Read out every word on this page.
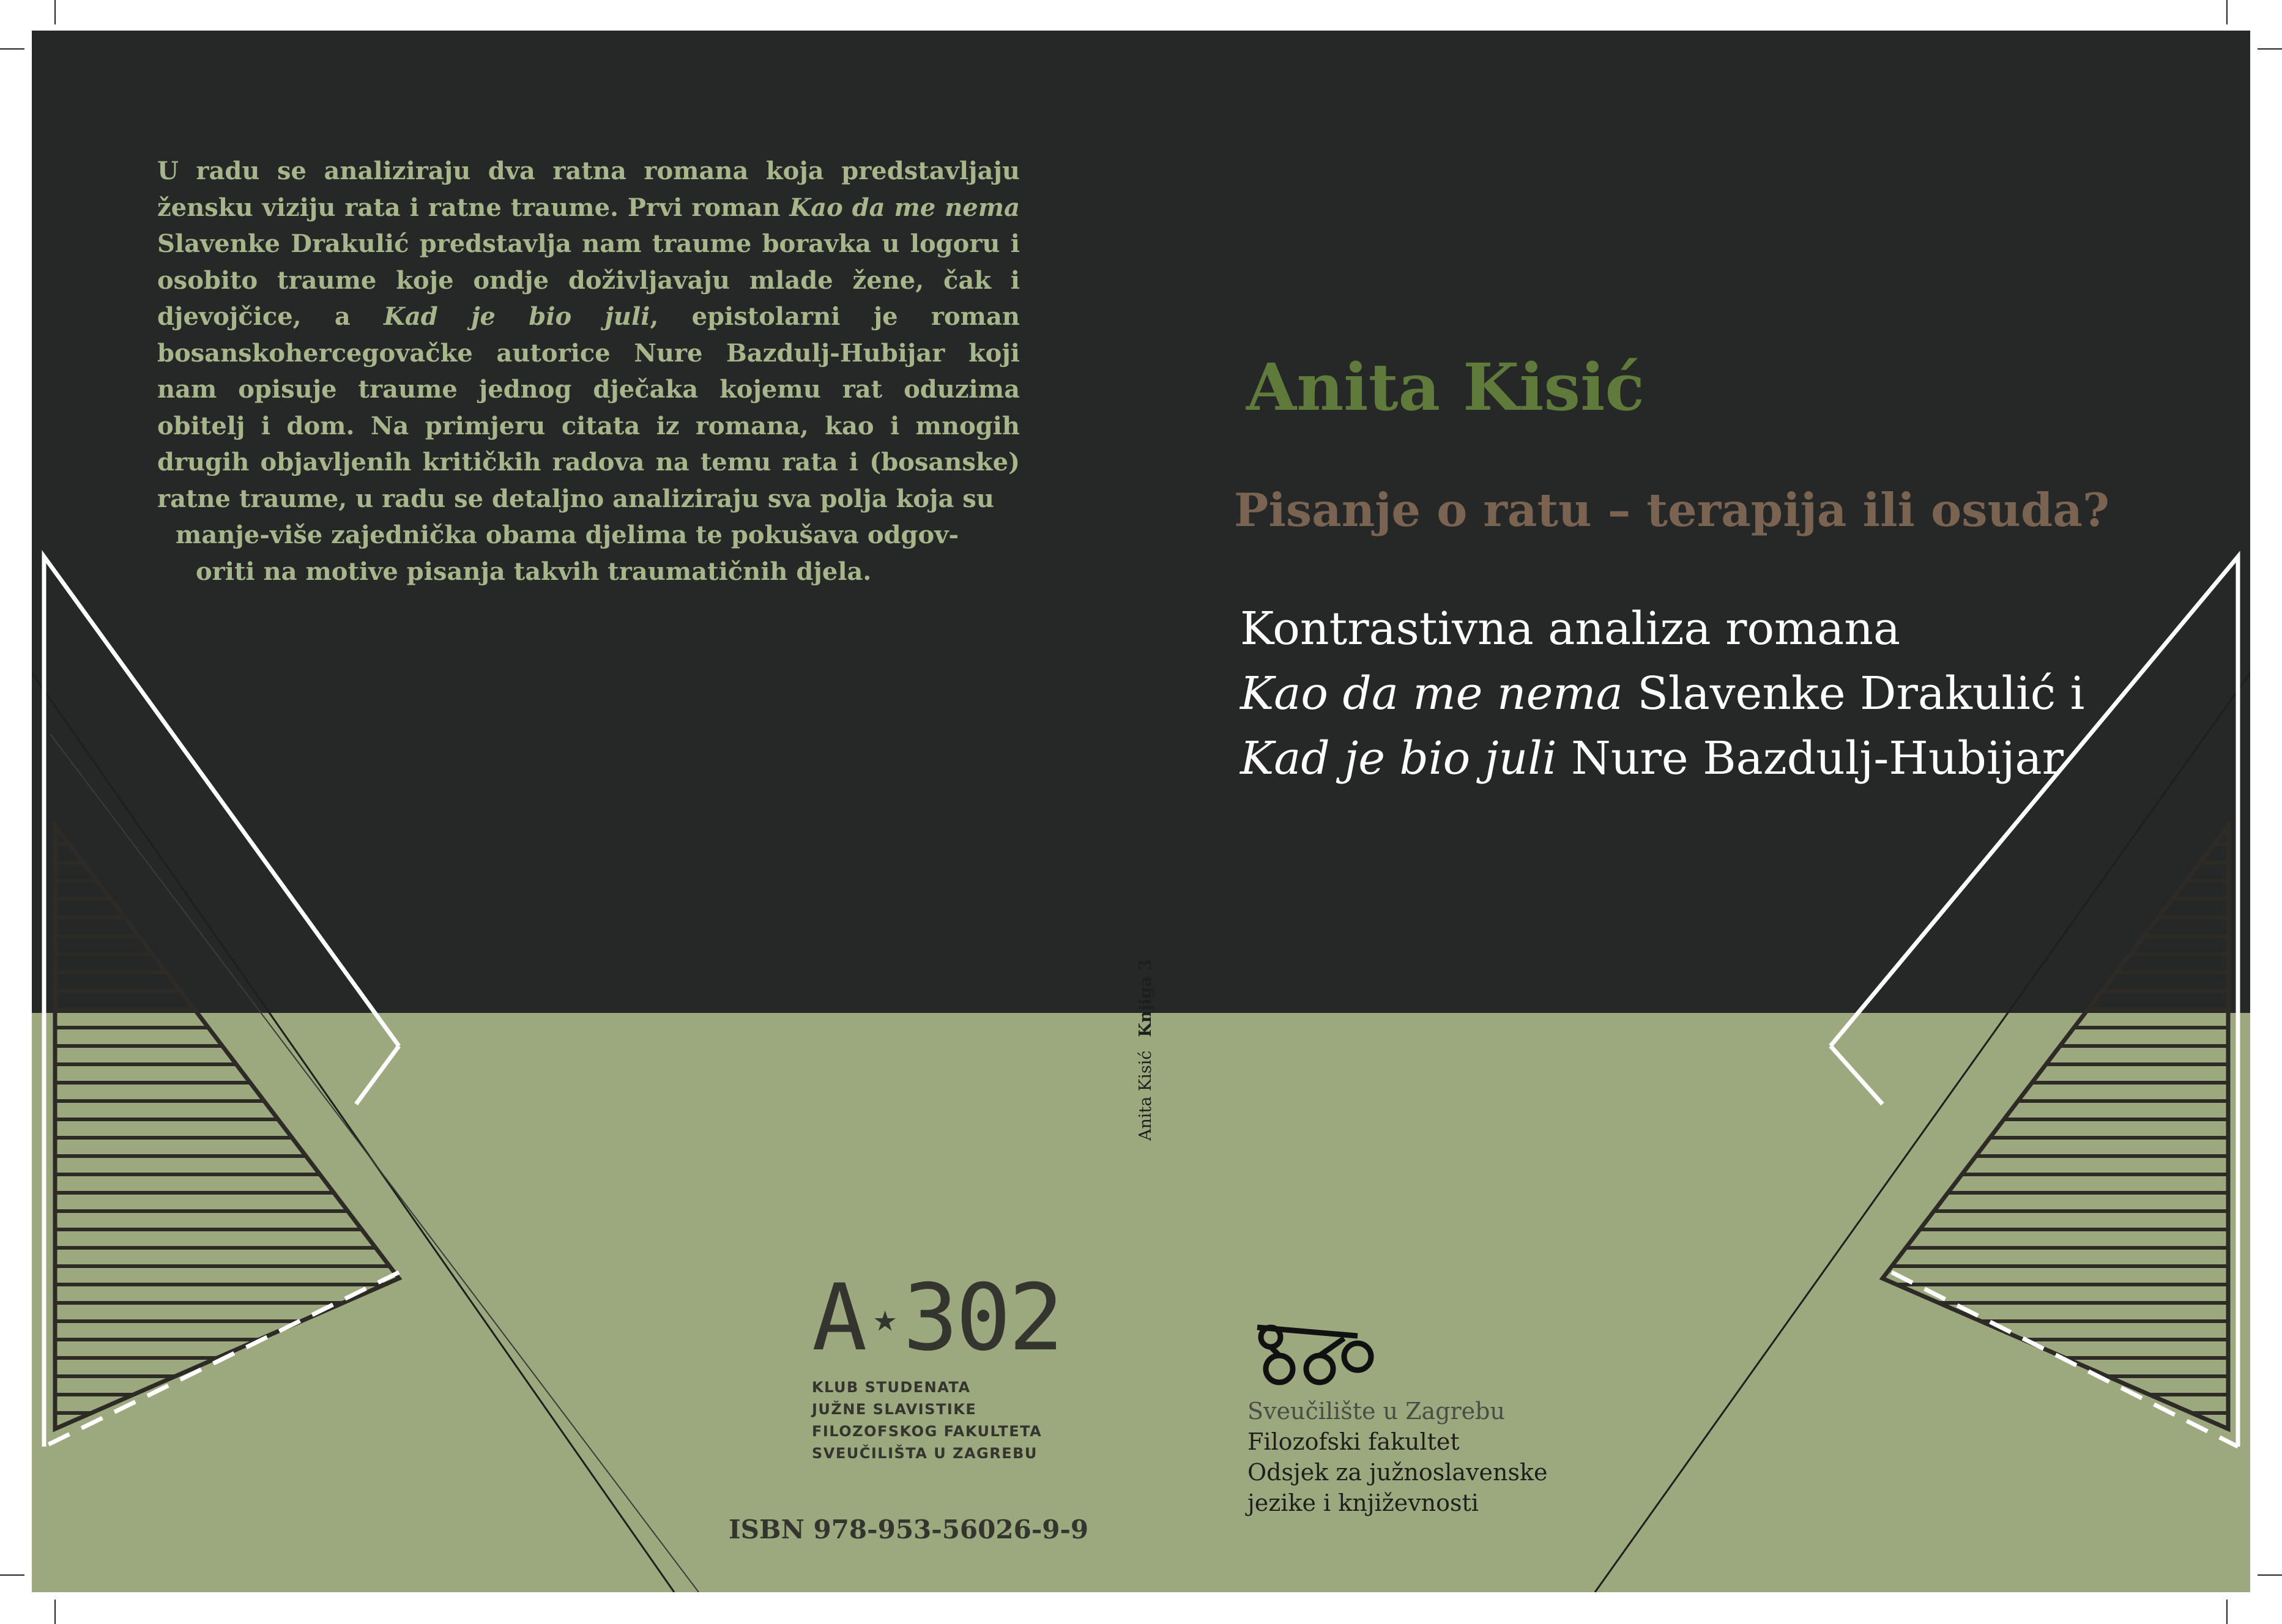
U radu se analiziraju dva ratna romana koja predstavljaju žensku viziju rata i ratne traume. Prvi roman Kao da me nema Slavenke Drakulić predstavlja nam traume boravka u logoru i osobito traume koje ondje doživljavaju mlade žene, čak i djevojčice, a Kad je bio juli, epistolarni je roman bosanskohercegovačke autorice Nure Bazdulj-Hubijar koji nam opisuje traume jednog dječaka kojemu rat oduzima obitelj i dom. Na primjeru citata iz romana, kao i mnogih drugih objavljenih kritičkih radova na temu rata i (bosanske) ratne traume, u radu se detaljno analiziraju sva polja koja su
manje-više zajednička obama djelima te pokušava odgov-
oriti na motive pisanja takvih traumatičnih djela.

Anita Kisić
Pisanje o ratu – terapija ili osuda?

Kontrastivna analiza romana
Kao da me nema Slavenke Drakulić i
Kad je bio juli Nure Bazdulj-Hubijar

Anita KisićKnjiga 3
A ★ 302
KLUB STUDENATA
JUŽNE SLAVISTIKE
FILOZOFSKOG FAKULTETA
SVEUČILIŠTA U ZAGREBU
ISBN 978-953-56026-9-9
Sveučilište u Zagrebu
Filozofski fakultet
Odsjek za južnoslavenske
jezike i književnosti
